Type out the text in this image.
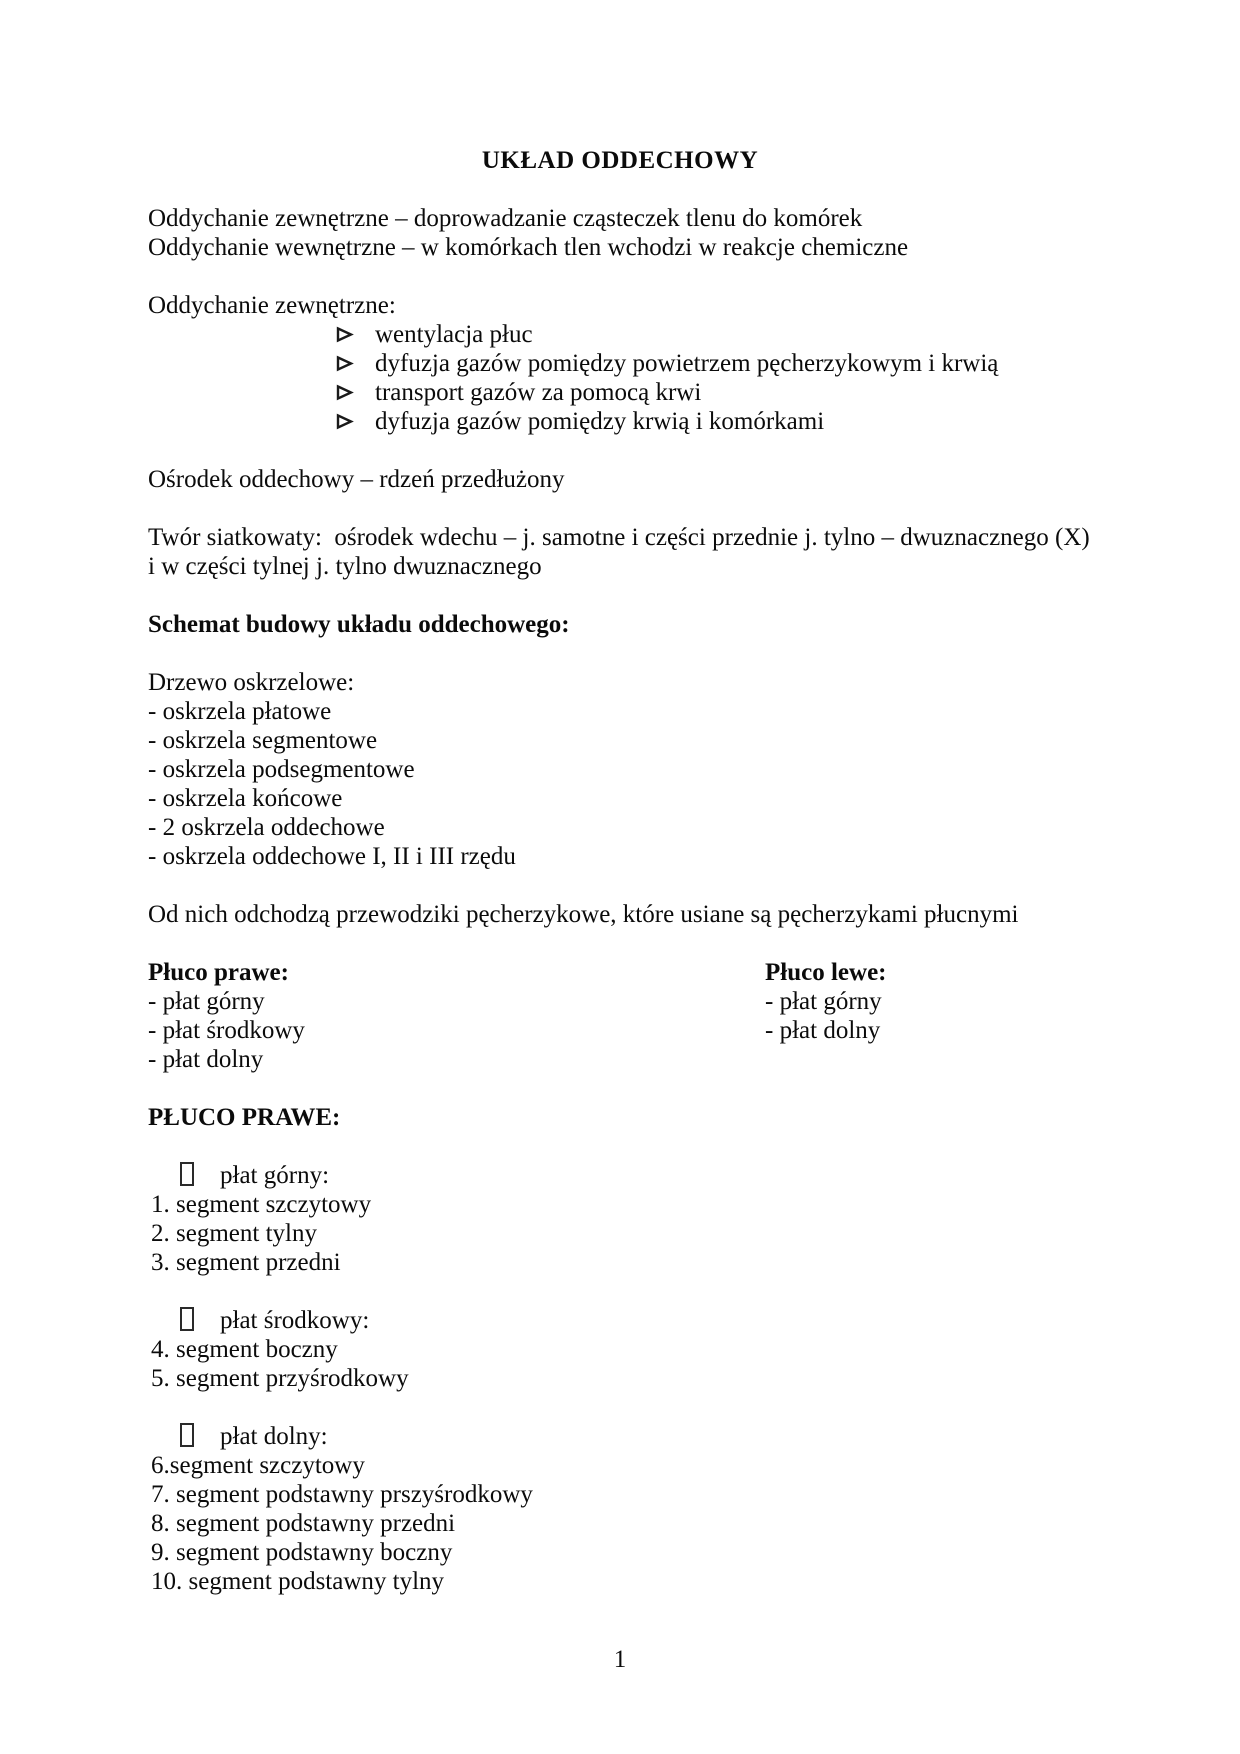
UKŁAD ODDECHOWY
Oddychanie zewnętrzne – doprowadzanie cząsteczek tlenu do komórek
Oddychanie wewnętrzne – w komórkach tlen wchodzi w reakcje chemiczne
Oddychanie zewnętrzne:
wentylacja płuc
dyfuzja gazów pomiędzy powietrzem pęcherzykowym i krwią
transport gazów za pomocą krwi
dyfuzja gazów pomiędzy krwią i komórkami
Ośrodek oddechowy – rdzeń przedłużony
Twór siatkowaty:  ośrodek wdechu – j. samotne i części przednie j. tylno – dwuznacznego (X)
i w części tylnej j. tylno dwuznacznego
Schemat budowy układu oddechowego:
Drzewo oskrzelowe:
- oskrzela płatowe
- oskrzela segmentowe
- oskrzela podsegmentowe
- oskrzela końcowe
- 2 oskrzela oddechowe
- oskrzela oddechowe I, II i III rzędu
Od nich odchodzą przewodziki pęcherzykowe, które usiane są pęcherzykami płucnymi
Płuco prawe:
- płat górny
- płat środkowy
- płat dolny
Płuco lewe:
- płat górny
- płat dolny
PŁUCO PRAWE:
płat górny:
1. segment szczytowy
2. segment tylny
3. segment przedni
płat środkowy:
4. segment boczny
5. segment przyśrodkowy
płat dolny:
6.segment szczytowy
7. segment podstawny prszyśrodkowy
8. segment podstawny przedni
9. segment podstawny boczny
10. segment podstawny tylny
1
